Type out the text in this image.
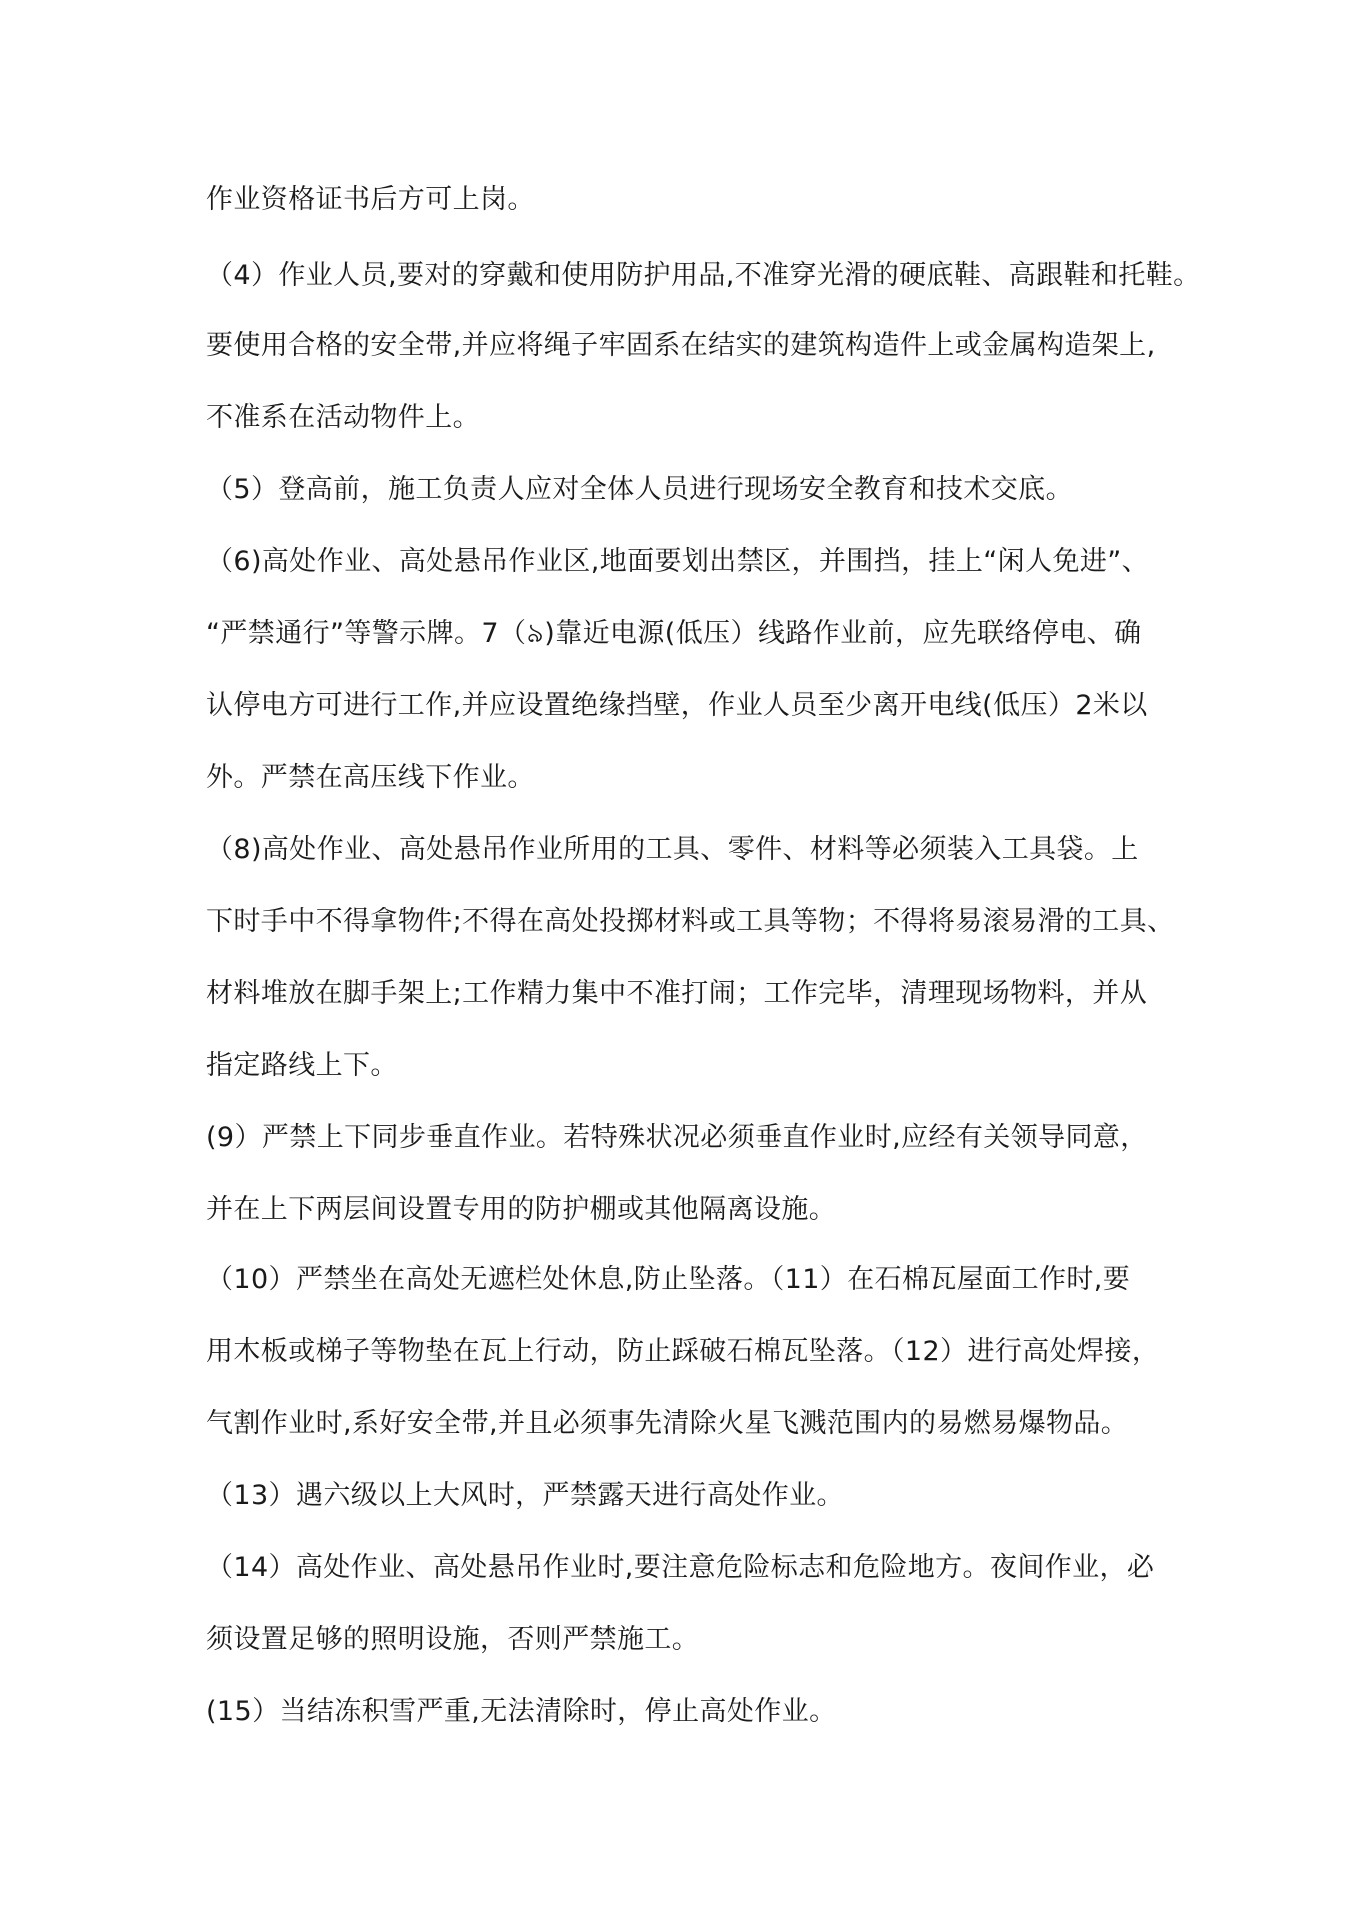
作业资格证书后方可上岗。
（4）作业人员,要对的穿戴和使用防护用品,不准穿光滑的硬底鞋、高跟鞋和托鞋。
要使用合格的安全带,并应将绳子牢固系在结实的建筑构造件上或金属构造架上,
不准系在活动物件上。
（5）登高前，施工负责人应对全体人员进行现场安全教育和技术交底。
（6)高处作业、高处悬吊作业区,地面要划出禁区，并围挡，挂上“闲人免进”、
“严禁通行”等警示牌。7（৯)靠近电源(低压）线路作业前，应先联络停电、确
认停电方可进行工作,并应设置绝缘挡壁，作业人员至少离开电线(低压）2米以
外。严禁在高压线下作业。
（8)高处作业、高处悬吊作业所用的工具、零件、材料等必须装入工具袋。上
下时手中不得拿物件;不得在高处投掷材料或工具等物；不得将易滚易滑的工具、
材料堆放在脚手架上;工作精力集中不准打闹；工作完毕，清理现场物料，并从
指定路线上下。
(9）严禁上下同步垂直作业。若特殊状况必须垂直作业时,应经有关领导同意，
并在上下两层间设置专用的防护棚或其他隔离设施。
（10）严禁坐在高处无遮栏处休息,防止坠落。（11）在石棉瓦屋面工作时,要
用木板或梯子等物垫在瓦上行动，防止踩破石棉瓦坠落。（12）进行高处焊接，
气割作业时,系好安全带,并且必须事先清除火星飞溅范围内的易燃易爆物品。
（13）遇六级以上大风时，严禁露天进行高处作业。
（14）高处作业、高处悬吊作业时,要注意危险标志和危险地方。夜间作业，必
须设置足够的照明设施，否则严禁施工。
(15）当结冻积雪严重,无法清除时，停止高处作业。
